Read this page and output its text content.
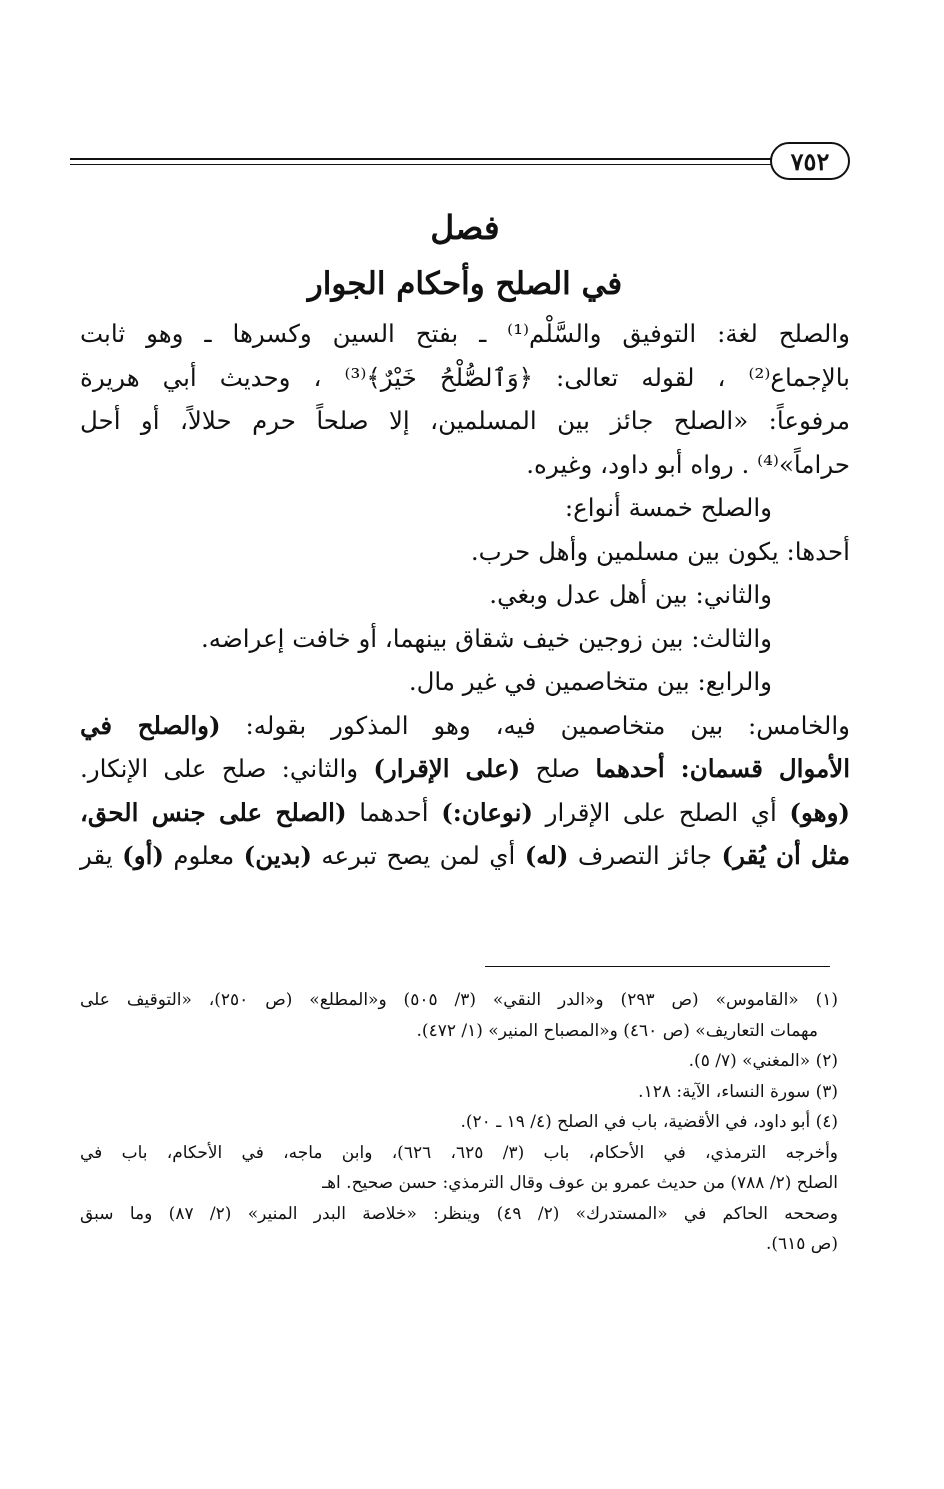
٧٥٢
فصل
في الصلح وأحكام الجوار
والصلح لغة: التوفيق والسَّلْم⁽¹⁾ ـ بفتح السين وكسرها ـ وهو ثابت
بالإجماع⁽²⁾ ، لقوله تعالى: ﴿وَٱلصُّلْحُ خَيْرٌ﴾⁽³⁾ ، وحديث أبي هريرة
مرفوعاً: «الصلح جائز بين المسلمين، إلا صلحاً حرم حلالاً، أو أحل
حراماً»⁽⁴⁾ . رواه أبو داود، وغيره.
والصلح خمسة أنواع:
أحدها: يكون بين مسلمين وأهل حرب.
والثاني: بين أهل عدل وبغي.
والثالث: بين زوجين خيف شقاق بينهما، أو خافت إعراضه.
والرابع: بين متخاصمين في غير مال.
والخامس: بين متخاصمين فيه، وهو المذكور بقوله: (والصلح في
الأموال قسمان: أحدهما صلح (على الإقرار) والثاني: صلح على الإنكار.
(وهو) أي الصلح على الإقرار (نوعان:) أحدهما (الصلح على جنس الحق،
مثل أن يُقر) جائز التصرف (له) أي لمن يصح تبرعه (بدين) معلوم (أو) يقر
(١) «القاموس» (ص ٢٩٣) و«الدر النقي» (٣/ ٥٠٥) و«المطلع» (ص ٢٥٠)، «التوقيف على
مهمات التعاريف» (ص ٤٦٠) و«المصباح المنير» (١/ ٤٧٢).
(٢) «المغني» (٧/ ٥).
(٣) سورة النساء، الآية: ١٢٨.
(٤) أبو داود، في الأقضية، باب في الصلح (٤/ ١٩ ـ ٢٠).
وأخرجه الترمذي، في الأحكام، باب (٣/ ٦٢٥، ٦٢٦)، وابن ماجه، في الأحكام، باب في
الصلح (٢/ ٧٨٨) من حديث عمرو بن عوف وقال الترمذي: حسن صحيح. اهـ
وصححه الحاكم في «المستدرك» (٢/ ٤٩) وينظر: «خلاصة البدر المنير» (٢/ ٨٧) وما سبق
(ص ٦١٥).
